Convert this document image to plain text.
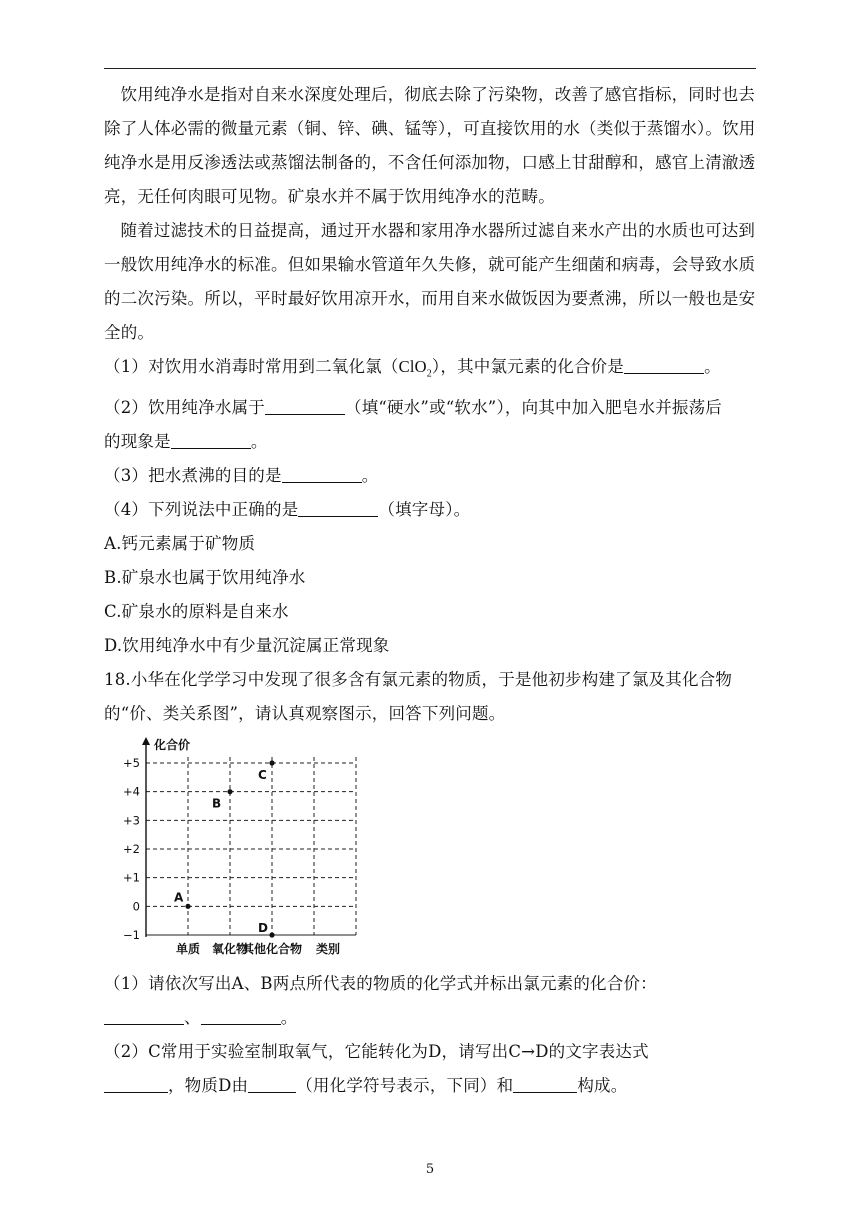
饮用纯净水是指对自来水深度处理后，彻底去除了污染物，改善了感官指标，同时也去除了人体必需的微量元素（铜、锌、碘、锰等），可直接饮用的水（类似于蒸馏水）。饮用纯净水是用反渗透法或蒸馏法制备的，不含任何添加物，口感上甘甜醇和，感官上清澈透亮，无任何肉眼可见物。矿泉水并不属于饮用纯净水的范畴。

随着过滤技术的日益提高，通过开水器和家用净水器所过滤自来水产出的水质也可达到一般饮用纯净水的标准。但如果输水管道年久失修，就可能产生细菌和病毒，会导致水质的二次污染。所以，平时最好饮用凉开水，而用自来水做饭因为要煮沸，所以一般也是安全的。

（1）对饮用水消毒时常用到二氧化氯（ClO$_2$），其中氯元素的化合价是	。

（2）饮用纯净水属于	（填“硬水”或“软水”），向其中加入肥皂水并振荡后
的现象是	。

（3）把水煮沸的目的是	。

（4）下列说法中正确的是	（填字母）。

A.钙元素属于矿物质

B.矿泉水也属于饮用纯净水

C.矿泉水的原料是自来水

D.饮用纯净水中有少量沉淀属正常现象

18.小华在化学学习中发现了很多含有氯元素的物质，于是他初步构建了氯及其化合物的“价、类关系图”，请认真观察图示，回答下列问题。

化合价
+5
+4
+3
+2
+1
0
−1
单质 氧化物
其他化合物 类别
A
B
C
D

（1）请依次写出A、B两点所代表的物质的化学式并标出氯元素的化合价：
、	。

（2）C常用于实验室制取氧气，它能转化为D，请写出C→D的文字表达式
，物质D由	（用化学符号表示，下同）和	构成。

5
